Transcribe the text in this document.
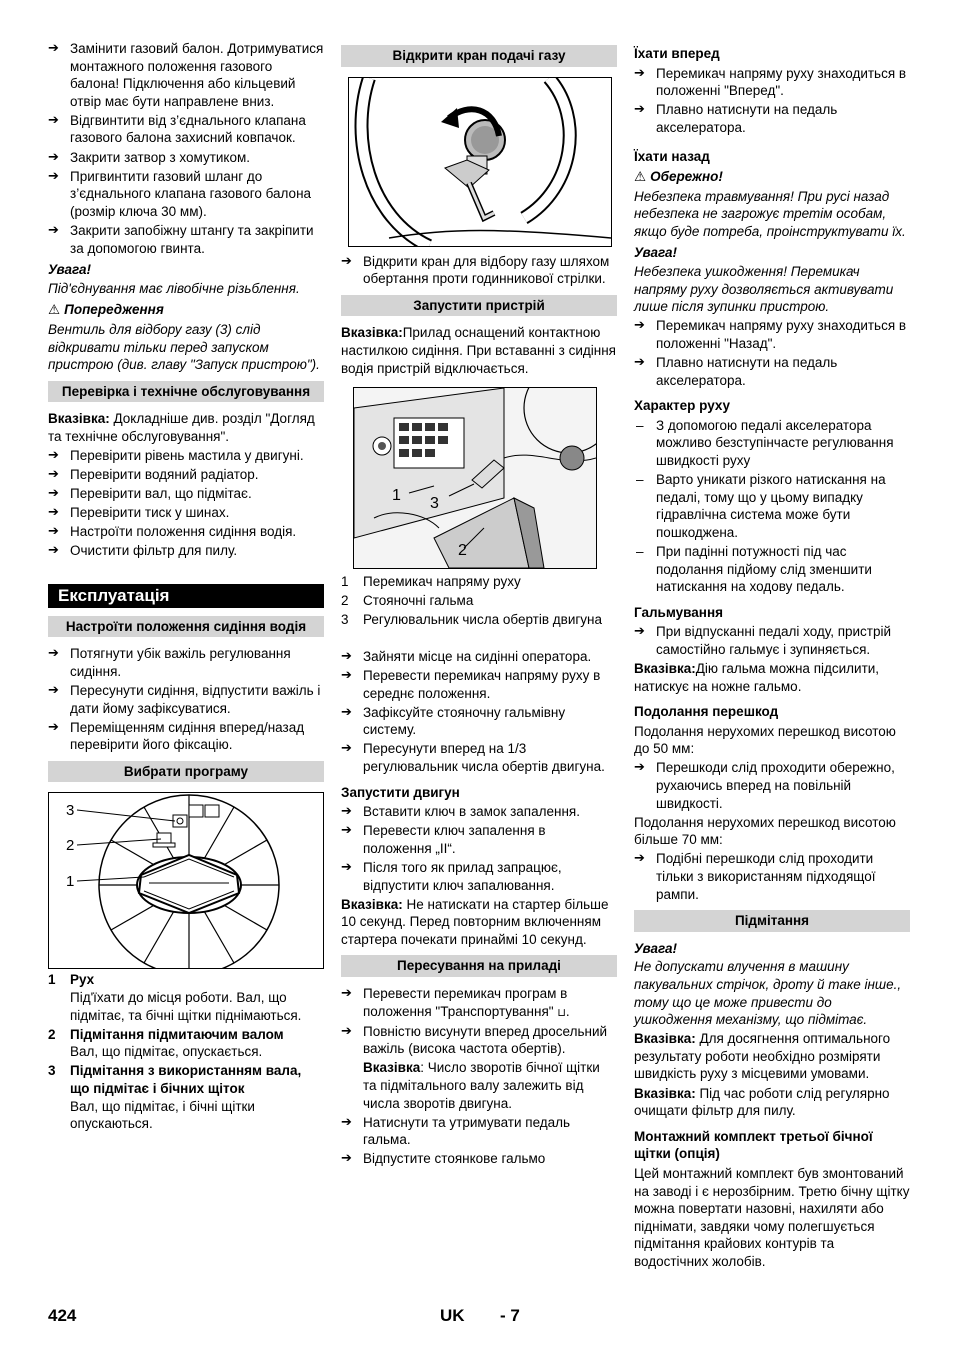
➔ Замінити газовий балон. Дотримуватися монтажного положення газового балона! Підключення або кільцевий отвір має бути направлене вниз.
➔ Відгвинтити від з’єднального клапана газового балона захисний ковпачок.
➔ Закрити затвор з хомутиком.
➔ Пригвинтити газовий шланг до з’єднального клапана газового балона (розмір ключа 30 мм).
➔ Закрити запобіжну штангу та закріпити за допомогою гвинта.
Увага!
Під'єднування має лівобічне різьблення.
⚠ Попередження
Вентиль для відбору газу (3) слід відкривати тільки перед запуском пристрою (див. главу "Запуск пристрою").
Перевірка і технічне обслуговування
Вказівка: Докладніше див. розділ "Догляд та технічне обслуговування".
➔ Перевірити рівень мастила у двигуні.
➔ Перевірити водяний радіатор.
➔ Перевірити вал, що підмітає.
➔ Перевірити тиск у шинах.
➔ Настроїти положення сидіння водія.
➔ Очистити фільтр для пилу.
Експлуатація
Настроїти положення сидіння водія
➔ Потягнути убік важіль регулювання сидіння.
➔ Пересунути сидіння, відпустити важіль і дати йому зафіксуватися.
➔ Переміщенням сидіння вперед/назад перевірити його фіксацію.
Вибрати програму
3
2
1
1	Рух
Під'їхати до місця роботи. Вал, що підмітає, та бічні щітки піднімаються.
2	Підмітання підмитаючим валом
Вал, що підмітає, опускається.
3	Підмітання з використанням вала, що підмітає і бічних щіток
Вал, що підмітає, і бічні щітки опускаються.
Відкрити кран подачі газу
➔ Відкрити кран для відбору газу шляхом обертання проти годинникової стрілки.
Запустити пристрій
Вказівка:Прилад оснащений контактною настилкою сидіння. При вставанні з сидіння водія пристрій відключається.
1 3
2
1	Перемикач напряму руху
2	Стояночні гальма
3	Регулювальник числа обертів двигуна
➔ Зайняти місце на сидінні оператора.
➔ Перевести перемикач напряму руху в середнє положення.
➔ Зафіксуйте стояночну гальмівну систему.
➔ Пересунути вперед на 1/3 регулювальник числа обертів двигуна.
Запустити двигун
➔ Вставити ключ в замок запалення.
➔ Перевести ключ запалення в положення „ІІ“.
➔ Після того як прилад запрацює, відпустити ключ запалювання.
Вказівка: Не натискати на стартер більше 10 секунд. Перед повторним включенням стартера почекати принаймі 10 секунд.
Пересування на приладі
➔ Перевести перемикач програм в положення "Транспортування" ⊔.
➔ Повністю висунути вперед дросельний важіль (висока частота обертів).
Вказівка: Число зворотів бічної щітки та підмітального валу залежить від числа зворотів двигуна.
➔ Натиснути та утримувати педаль гальма.
➔ Відпустите стоянкове гальмо
Їхати вперед
➔ Перемикач напряму руху знаходиться в положенні "Вперед".
➔ Плавно натиснути на педаль акселератора.
Їхати назад
⚠ Обережно!
Небезпека травмування! При русі назад небезпека не загрожує третім особам, якщо буде потреба, проінструктувати їх.
Увага!
Небезпека ушкодження! Перемикач напряму руху дозволяється активувати лише після зупинки пристрою.
➔ Перемикач напряму руху знаходиться в положенні "Назад".
➔ Плавно натиснути на педаль акселератора.
Характер руху
– З допомогою педалі акселератора можливо безступінчасте регулювання швидкості руху
– Варто уникати різкого натискання на педалі, тому що у цьому випадку гідравлічна система може бути пошкоджена.
– При падінні потужності під час подолання підйому слід зменшити натискання на ходову педаль.
Гальмування
➔ При відпусканні педалі ходу, пристрій самостійно гальмує і зупиняється.
Вказівка:Дію гальма можна підсилити, натискує на ножне гальмо.
Подолання перешкод
Подолання нерухомих перешкод висотою до 50 мм:
➔ Перешкоди слід проходити обережно, рухаючись вперед на повільній швидкості.
Подолання нерухомих перешкод висотою більше 70 мм:
➔ Подібні перешкоди слід проходити тільки з використанням підходящої рампи.
Підмітання
Увага!
Не допускати влучення в машину пакувальних стрічок, дроту й таке інше., тому що це може привести до ушкодження механізму, що підмітає.
Вказівка: Для досягнення оптимального результату роботи необхідно розміряти швидкість руху з місцевими умовами.
Вказівка: Під час роботи слід регулярно очищати фільтр для пилу.
Монтажний комплект третьої бічної щітки (опція)
Цей монтажний комплект був змонтований на заводі і є нерозбірним. Третю бічну щітку можна повертати назовні, нахиляти або піднімати, завдяки чому полегшується підмітання крайових контурів та водостічних жолобів.
424	UK - 7
